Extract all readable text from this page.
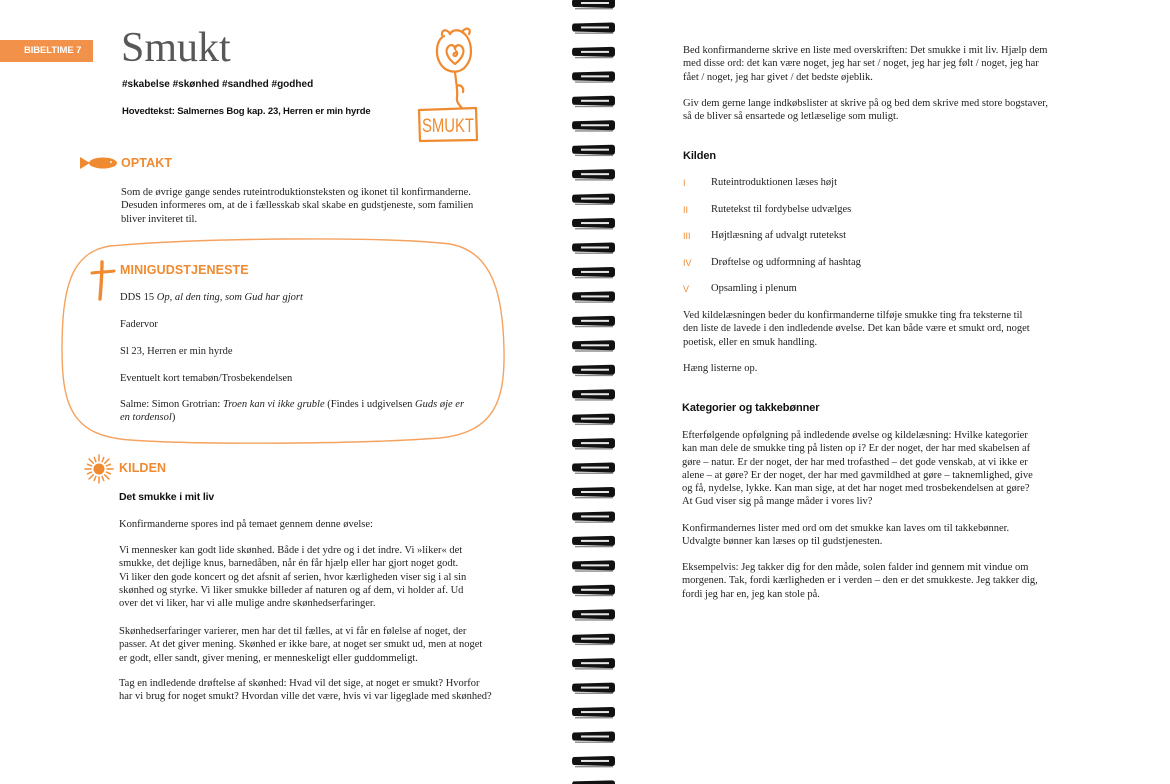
BIBELTIME 7 Smukt
#skabelse #skønhed #sandhed #godhed
Hovedtekst: Salmernes Bog kap. 23, Herren er min hyrde
SMUKT
OPTAKT

Som de øvrige gange sendes ruteintroduktionsteksten og ikonet til konfirmanderne.
Desuden informeres om, at de i fællesskab skal skabe en gudstjeneste, som familien
bliver inviteret til.

MINIGUDSTJENESTE

DDS 15 Op, al den ting, som Gud har gjort

Fadervor

Sl 23, Herren er min hyrde

Eventuelt kort temabøn/Trosbekendelsen

Salme: Simon Grotrian: Troen kan vi ikke gruble (Findes i udgivelsen Guds øje er
en tordensol)

KILDEN
Det smukke i mit liv

Konfirmanderne spores ind på temaet gennem denne øvelse:

Vi mennesker kan godt lide skønhed. Både i det ydre og i det indre. Vi »liker« det
smukke, det dejlige knus, barnedåben, når én får hjælp eller har gjort noget godt.
Vi liker den gode koncert og det afsnit af serien, hvor kærligheden viser sig i al sin
skønhed og styrke. Vi liker smukke billeder af naturen og af dem, vi holder af. Ud
over det vi liker, har vi alle mulige andre skønhedserfaringer.

Skønhedserfaringer varierer, men har det til fælles, at vi får en følelse af noget, der
passer. At det giver mening. Skønhed er ikke bare, at noget ser smukt ud, men at noget
er godt, eller sandt, giver mening, er menneskeligt eller guddommeligt.

Tag en indledende drøftelse af skønhed: Hvad vil det sige, at noget er smukt? Hvorfor
har vi brug for noget smukt? Hvordan ville det være, hvis vi var ligeglade med skønhed?

Bed konfirmanderne skrive en liste med overskriften: Det smukke i mit liv. Hjælp dem
med disse ord: det kan være noget, jeg har set / noget, jeg har jeg følt / noget, jeg har
fået / noget, jeg har givet / det bedste øjeblik.

Giv dem gerne lange indkøbslister at skrive på og bed dem skrive med store bogstaver,
så de bliver så ensartede og letlæselige som muligt.

Kilden
I Ruteintroduktionen læses højt
II Rutetekst til fordybelse udvælges
III Højtlæsning af udvalgt rutetekst
IV Drøftelse og udformning af hashtag
V Opsamling i plenum

Ved kildelæsningen beder du konfirmanderne tilføje smukke ting fra teksterne til
den liste de lavede i den indledende øvelse. Det kan både være et smukt ord, noget
poetisk, eller en smuk handling.

Hæng listerne op.

Kategorier og takkebønner

Efterfølgende opfølgning på indledende øvelse og kildelæsning: Hvilke kategorier
kan man dele de smukke ting på listen op i? Er der noget, der har med skabelsen af
gøre – natur. Er der noget, der har med trofasthed – det gode venskab, at vi ikke er
alene – at gøre? Er der noget, der har med gavmildhed at gøre – taknemlighed, give
og få, nydelse, lykke. Kan man sige, at det har noget med trosbekendelsen at gøre?
At Gud viser sig på mange måder i vores liv?

Konfirmandernes lister med ord om det smukke kan laves om til takkebønner.
Udvalgte bønner kan læses op til gudstjenesten.

Eksempelvis: Jeg takker dig for den måde, solen falder ind gennem mit vindue om
morgenen. Tak, fordi kærligheden er i verden – den er det smukkeste. Jeg takker dig,
fordi jeg har en, jeg kan stole på.
